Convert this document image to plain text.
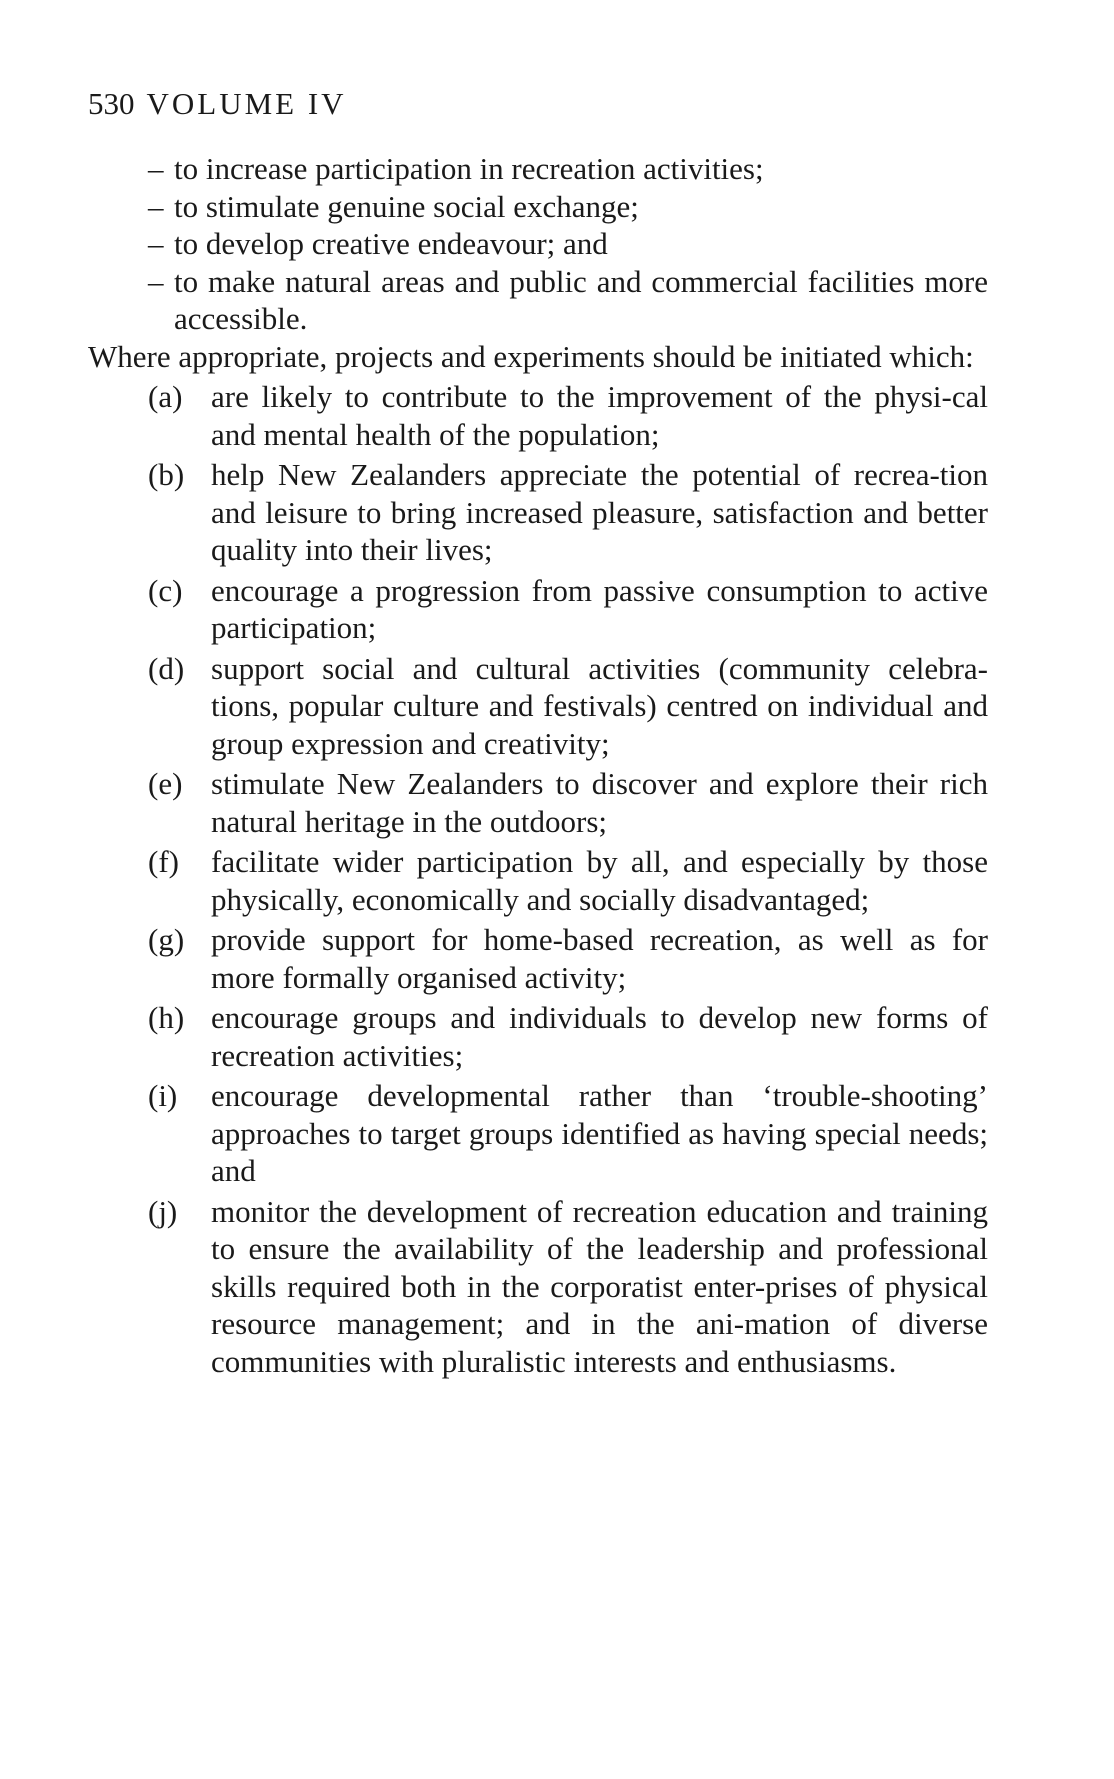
530 VOLUME IV
– to increase participation in recreation activities;
– to stimulate genuine social exchange;
– to develop creative endeavour; and
– to make natural areas and public and commercial facilities more accessible.

Where appropriate, projects and experiments should be initiated which:

(a) are likely to contribute to the improvement of the physi-cal and mental health of the population;
(b) help New Zealanders appreciate the potential of recrea-tion and leisure to bring increased pleasure, satisfaction and better quality into their lives;
(c) encourage a progression from passive consumption to active participation;
(d) support social and cultural activities (community celebra-tions, popular culture and festivals) centred on individual and group expression and creativity;
(e) stimulate New Zealanders to discover and explore their rich natural heritage in the outdoors;
(f) facilitate wider participation by all, and especially by those physically, economically and socially disadvantaged;
(g) provide support for home-based recreation, as well as for more formally organised activity;
(h) encourage groups and individuals to develop new forms of recreation activities;
(i) encourage developmental rather than ‘trouble-shooting’ approaches to target groups identified as having special needs; and
(j) monitor the development of recreation education and training to ensure the availability of the leadership and professional skills required both in the corporatist enter-prises of physical resource management; and in the ani-mation of diverse communities with pluralistic interests and enthusiasms.
